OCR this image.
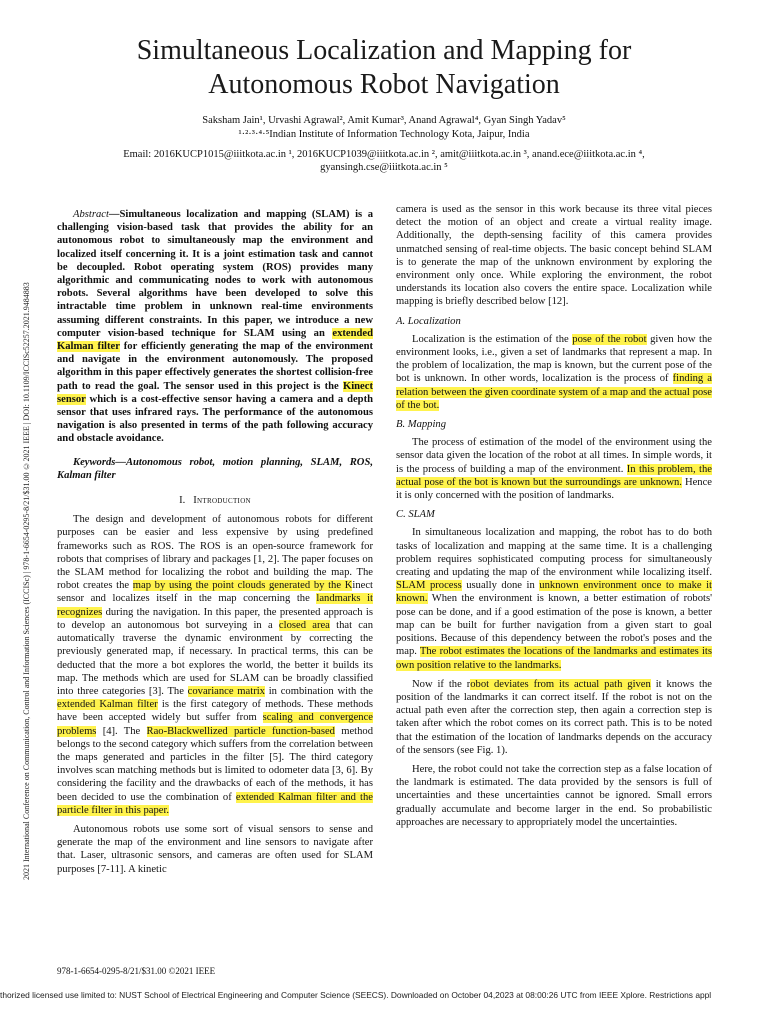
2021 International Conference on Communication, Control and Information Sciences (ICCISc) | 978-1-6654-0295-8/21/$31.00 ©2021 IEEE | DOI: 10.1109/ICCISc52257.2021.9484883
Simultaneous Localization and Mapping for
Autonomous Robot Navigation
Saksham Jain¹, Urvashi Agrawal², Amit Kumar³, Anand Agrawal⁴, Gyan Singh Yadav⁵
¹·²·³·⁴·⁵Indian Institute of Information Technology Kota, Jaipur, India
Email: 2016KUCP1015@iiitkota.ac.in ¹, 2016KUCP1039@iiitkota.ac.in ², amit@iiitkota.ac.in ³, anand.ece@iiitkota.ac.in ⁴,
gyansingh.cse@iiitkota.ac.in ⁵

Abstract—Simultaneous localization and mapping (SLAM) is a challenging vision-based task that provides the ability for an autonomous robot to simultaneously map the environment and localized itself concerning it. It is a joint estimation task and cannot be decoupled. Robot operating system (ROS) provides many algorithmic and communicating nodes to work with autonomous robots. Several algorithms have been developed to solve this intractable time problem in unknown real-time environments assuming different constraints. In this paper, we introduce a new computer vision-based technique for SLAM using an extended Kalman filter for efficiently generating the map of the environment and navigate in the environment autonomously. The proposed algorithm in this paper effectively generates the shortest collision-free path to read the goal. The sensor used in this project is the Kinect sensor which is a cost-effective sensor having a camera and a depth sensor that uses infrared rays. The performance of the autonomous navigation is also presented in terms of the path following accuracy and obstacle avoidance.

Keywords—Autonomous robot, motion planning, SLAM, ROS, Kalman filter

I. Introduction

The design and development of autonomous robots for different purposes can be easier and less expensive by using predefined frameworks such as ROS. The ROS is an open-source framework for robots that comprises of library and packages [1, 2]. The paper focuses on the SLAM method for localizing the robot and building the map. The robot creates the map by using the point clouds generated by the Kinect sensor and localizes itself in the map concerning the landmarks it recognizes during the navigation. In this paper, the presented approach is to develop an autonomous bot surveying in a closed area that can automatically traverse the dynamic environment by correcting the previously generated map, if necessary. In practical terms, this can be deducted that the more a bot explores the world, the better it builds its map. The methods which are used for SLAM can be broadly classified into three categories [3]. The covariance matrix in combination with the extended Kalman filter is the first category of methods. These methods have been accepted widely but suffer from scaling and convergence problems [4]. The Rao-Blackwellized particle function-based method belongs to the second category which suffers from the correlation between the maps generated and particles in the filter [5]. The third category involves scan matching methods but is limited to odometer data [3, 6]. By considering the facility and the drawbacks of each of the methods, it has been decided to use the combination of extended Kalman filter and the particle filter in this paper.

Autonomous robots use some sort of visual sensors to sense and generate the map of the environment and line sensors to navigate after that. Laser, ultrasonic sensors, and cameras are often used for SLAM purposes [7-11]. A kinetic

camera is used as the sensor in this work because its three vital pieces detect the motion of an object and create a virtual reality image. Additionally, the depth-sensing facility of this camera provides unmatched sensing of real-time objects. The basic concept behind SLAM is to generate the map of the unknown environment by exploring the environment only once. While exploring the environment, the robot understands its location also covers the entire space. Localization while mapping is briefly described below [12].

A. Localization

Localization is the estimation of the pose of the robot given how the environment looks, i.e., given a set of landmarks that represent a map. In the problem of localization, the map is known, but the current pose of the bot is unknown. In other words, localization is the process of finding a relation between the given coordinate system of a map and the actual pose of the bot.

B. Mapping

The process of estimation of the model of the environment using the sensor data given the location of the robot at all times. In simple words, it is the process of building a map of the environment. In this problem, the actual pose of the bot is known but the surroundings are unknown. Hence it is only concerned with the position of landmarks.

C. SLAM

In simultaneous localization and mapping, the robot has to do both tasks of localization and mapping at the same time. It is a challenging problem requires sophisticated computing process for simultaneously creating and updating the map of the environment while localizing itself. SLAM process usually done in unknown environment once to make it known. When the environment is known, a better estimation of robots' pose can be done, and if a good estimation of the pose is known, a better map can be built for further navigation from a given start to goal positions. Because of this dependency between the robot's poses and the map. The robot estimates the locations of the landmarks and estimates its own position relative to the landmarks.

Now if the robot deviates from its actual path given it knows the position of the landmarks it can correct itself. If the robot is not on the actual path even after the correction step, then again a correction step is taken after which the robot comes on its correct path. This is to be noted that the estimation of the location of landmarks depends on the accuracy of the sensors (see Fig. 1).

Here, the robot could not take the correction step as a false location of the landmark is estimated. The data provided by the sensors is full of uncertainties and these uncertainties cannot be ignored. Small errors gradually accumulate and become larger in the end. So probabilistic approaches are necessary to appropriately model the uncertainties.

978-1-6654-0295-8/21/$31.00 ©2021 IEEE
thorized licensed use limited to: NUST School of Electrical Engineering and Computer Science (SEECS). Downloaded on October 04,2023 at 08:00:26 UTC from IEEE Xplore. Restrictions appl
